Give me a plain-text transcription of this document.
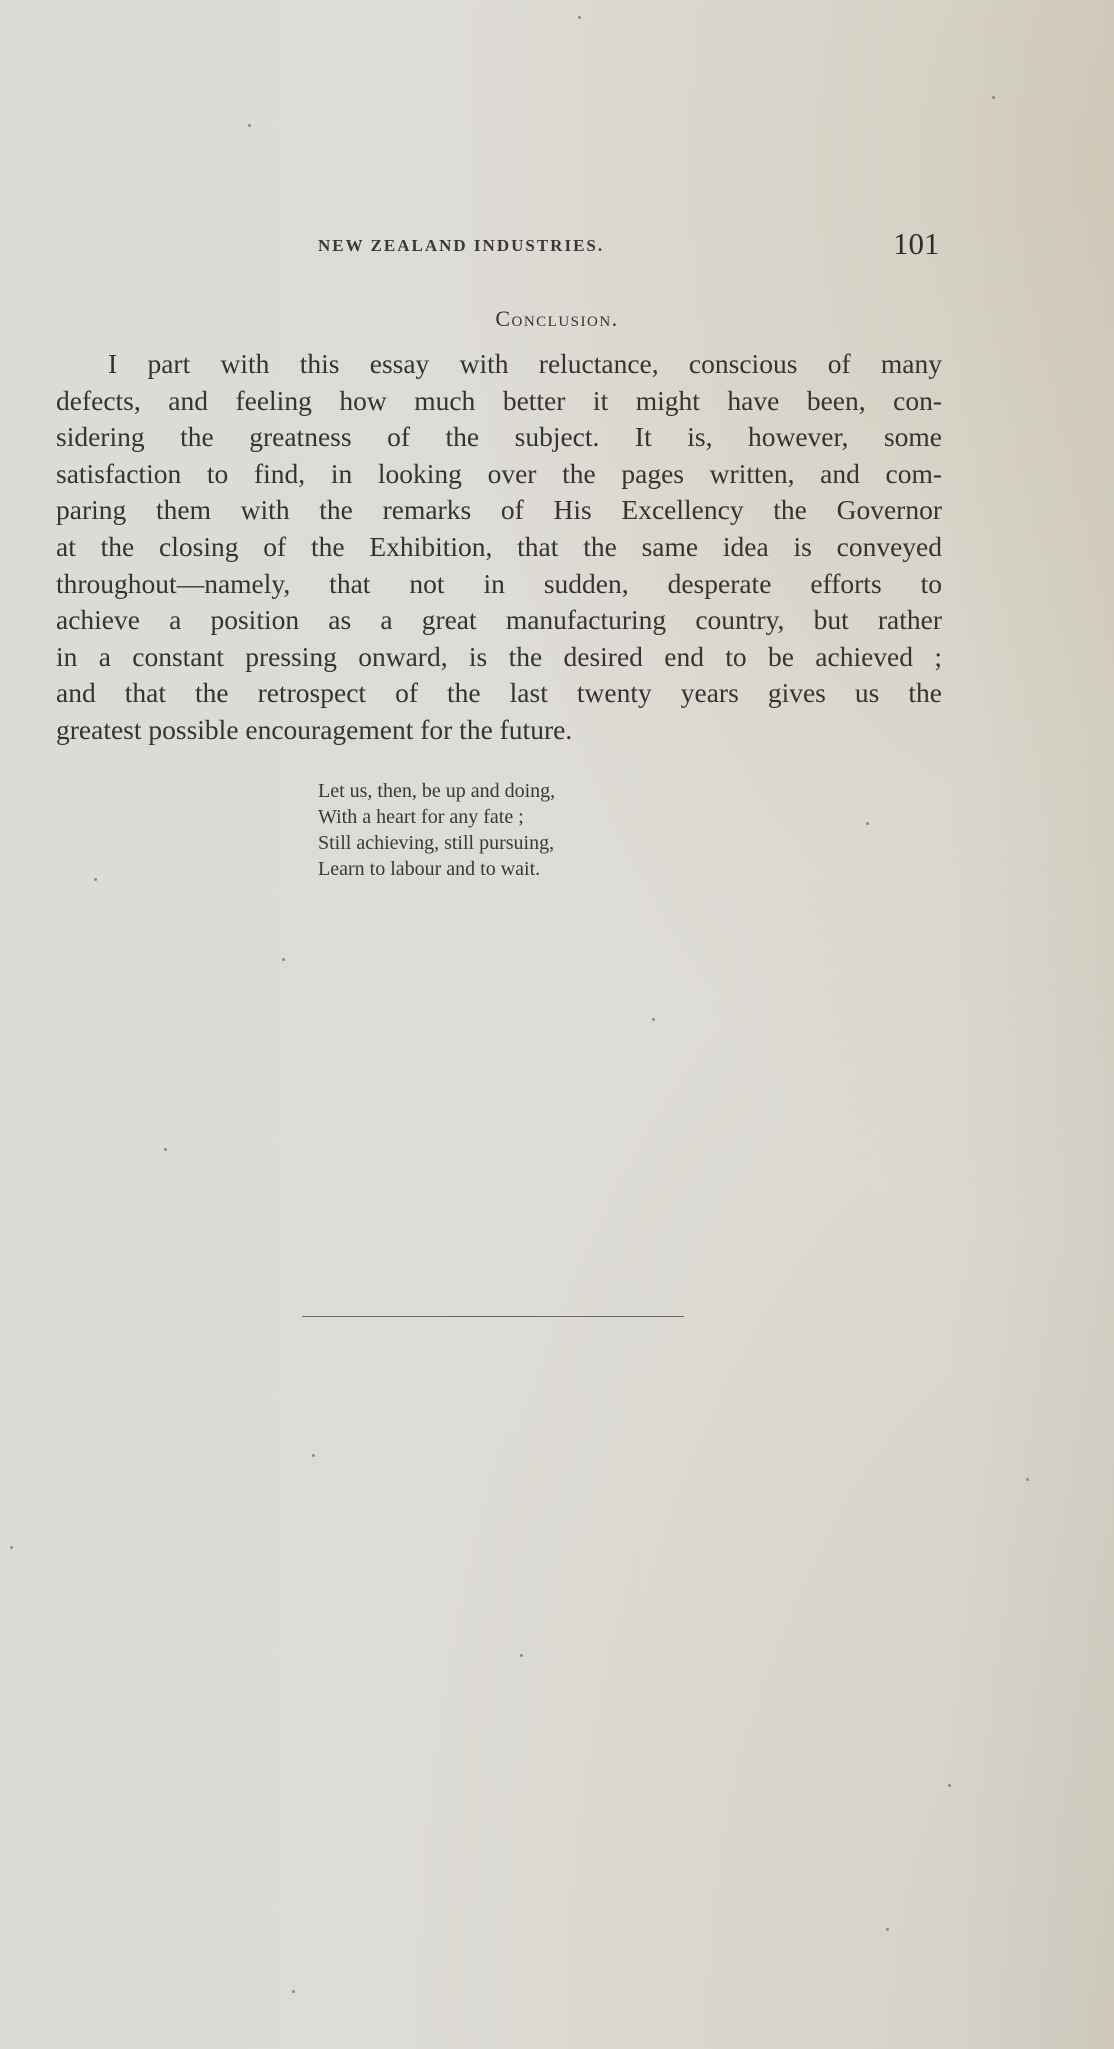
NEW ZEALAND INDUSTRIES.	101
Conclusion.
I part with this essay with reluctance, conscious of many
defects, and feeling how much better it might have been, con-
sidering the greatness of the subject. It is, however, some
satisfaction to find, in looking over the pages written, and com-
paring them with the remarks of His Excellency the Governor
at the closing of the Exhibition, that the same idea is conveyed
throughout—namely, that not in sudden, desperate efforts to
achieve a position as a great manufacturing country, but rather
in a constant pressing onward, is the desired end to be achieved ;
and that the retrospect of the last twenty years gives us the
greatest possible encouragement for the future.
Let us, then, be up and doing,
With a heart for any fate ;
Still achieving, still pursuing,
Learn to labour and to wait.
